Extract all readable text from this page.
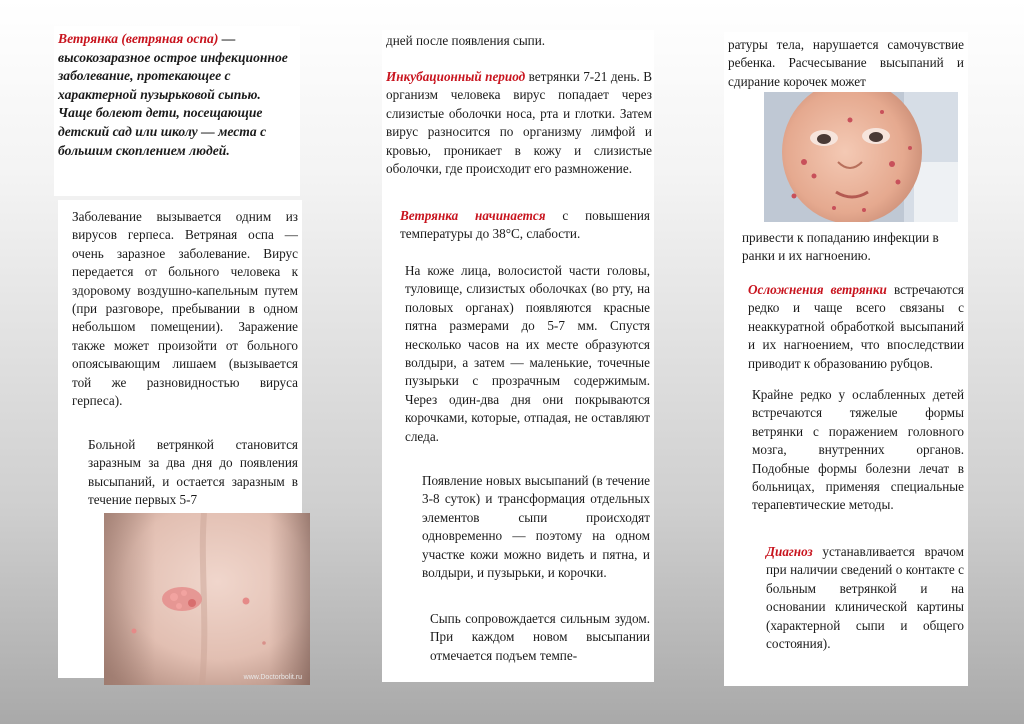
Ветрянка (ветряная оспа) — высокозаразное острое инфекционное заболевание, протекающее с характерной пузырьковой сыпью. Чаще болеют дети, посещающие детский сад или школу — места с большим скоплением людей.

Заболевание вызывается одним из вирусов герпеса. Ветряная оспа — очень заразное заболевание. Вирус передается от больного человека к здоровому воздушно-капельным путем (при разговоре, пребывании в одном небольшом помещении). Заражение также может произойти от больного опоясывающим лишаем (вызывается той же разновидностью вируса герпеса).

Больной ветрянкой становится заразным за два дня до появления высыпаний, и остается заразным в течение первых 5-7

www.Doctorbolit.ru

дней после появления сыпи.

Инкубационный период ветрянки 7-21 день. В организм человека вирус попадает через слизистые оболочки носа, рта и глотки. Затем вирус разносится по организму лимфой и кровью, проникает в кожу и слизистые оболочки, где происходит его размножение.

Ветрянка начинается с повышения температуры до 38°С, слабости.

На коже лица, волосистой части головы, туловище, слизистых оболочках (во рту, на половых органах) появляются красные пятна размерами до 5-7 мм. Спустя несколько часов на их месте образуются волдыри, а затем — маленькие, точечные пузырьки с прозрачным содержимым. Через один-два дня они покрываются корочками, которые, отпадая, не оставляют следа.

Появление новых высыпаний (в течение 3-8 суток) и трансформация отдельных элементов сыпи происходят одновременно — поэтому на одном участке кожи можно видеть и пятна, и волдыри, и пузырьки, и корочки.

Сыпь сопровождается сильным зудом. При каждом новом высыпании отмечается подъем темпе-

ратуры тела, нарушается самочувствие ребенка. Расчесывание высыпаний и сдирание корочек может

привести к попаданию инфекции в ранки и их нагноению.

Осложнения ветрянки встречаются редко и чаще всего связаны с неаккуратной обработкой высыпаний и их нагноением, что впоследствии приводит к образованию рубцов.

Крайне редко у ослабленных детей встречаются тяжелые формы ветрянки с поражением головного мозга, внутренних органов. Подобные формы болезни лечат в больницах, применяя специальные терапевтические методы.

Диагноз устанавливается врачом при наличии сведений о контакте с больным ветрянкой и на основании клинической картины (характерной сыпи и общего состояния).
